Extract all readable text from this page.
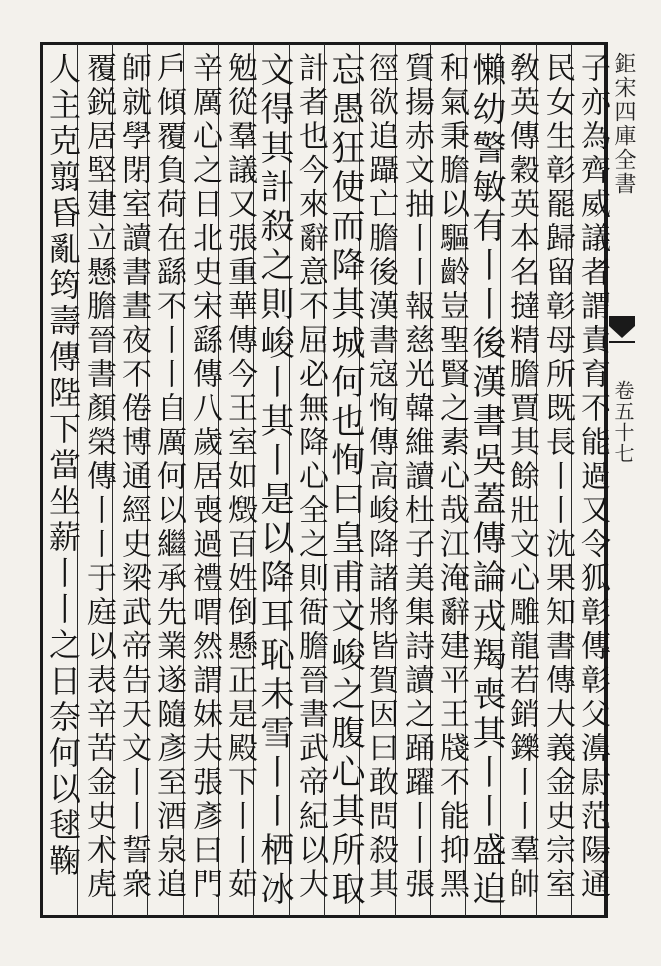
鉅宋四庫全書
卷五十七
子亦為齊威議者謂責育不能過又令狐彰傳彰父濞尉范陽通
民女生彰罷歸留彰母所既長丨丨沈果知書傳大義金史宗室
敎英傳穀英本名撻精膽賈其餘壯文心雕龍若銷鑠丨丨羣帥
懶幼警敏有丨丨後漢書吳蓋傳論戎羯喪其丨丨盛迫
和氣秉膽以驅齡豈聖賢之素心哉江淹辭建平王牋不能抑黑
質揚赤文抽丨丨報慈光韓維讀杜子美集詩讀之踊躍丨丨張
徑欲追躡亡膽後漢書寇恂傳高峻降諸將皆賀因曰敢問殺其
忘愚狂使而降其城何也恂曰皇甫文峻之腹心其所取
計者也今來辭意不屈必無降心全之則衙膽晉書武帝紀以大
文得其計殺之則峻丨其丨是以降耳恥未雪丨丨栖冰
勉從羣議又張重華傳今王室如燬百姓倒懸正是殿下丨丨茹
辛厲心之日北史宋繇傳八歲居喪過禮喟然謂妹夫張彥曰門
戶傾覆負荷在繇不丨丨自厲何以繼承先業遂隨彥至酒泉追
師就學閉室讀書晝夜不倦博通經史梁武帝告天文丨丨誓衆
覆鋭居堅建立懸膽晉書顏榮傳丨丨于庭以表辛苦金史术虎
人主克翦昏亂筠壽傳陛下當坐薪丨丨之日奈何以毬鞠
